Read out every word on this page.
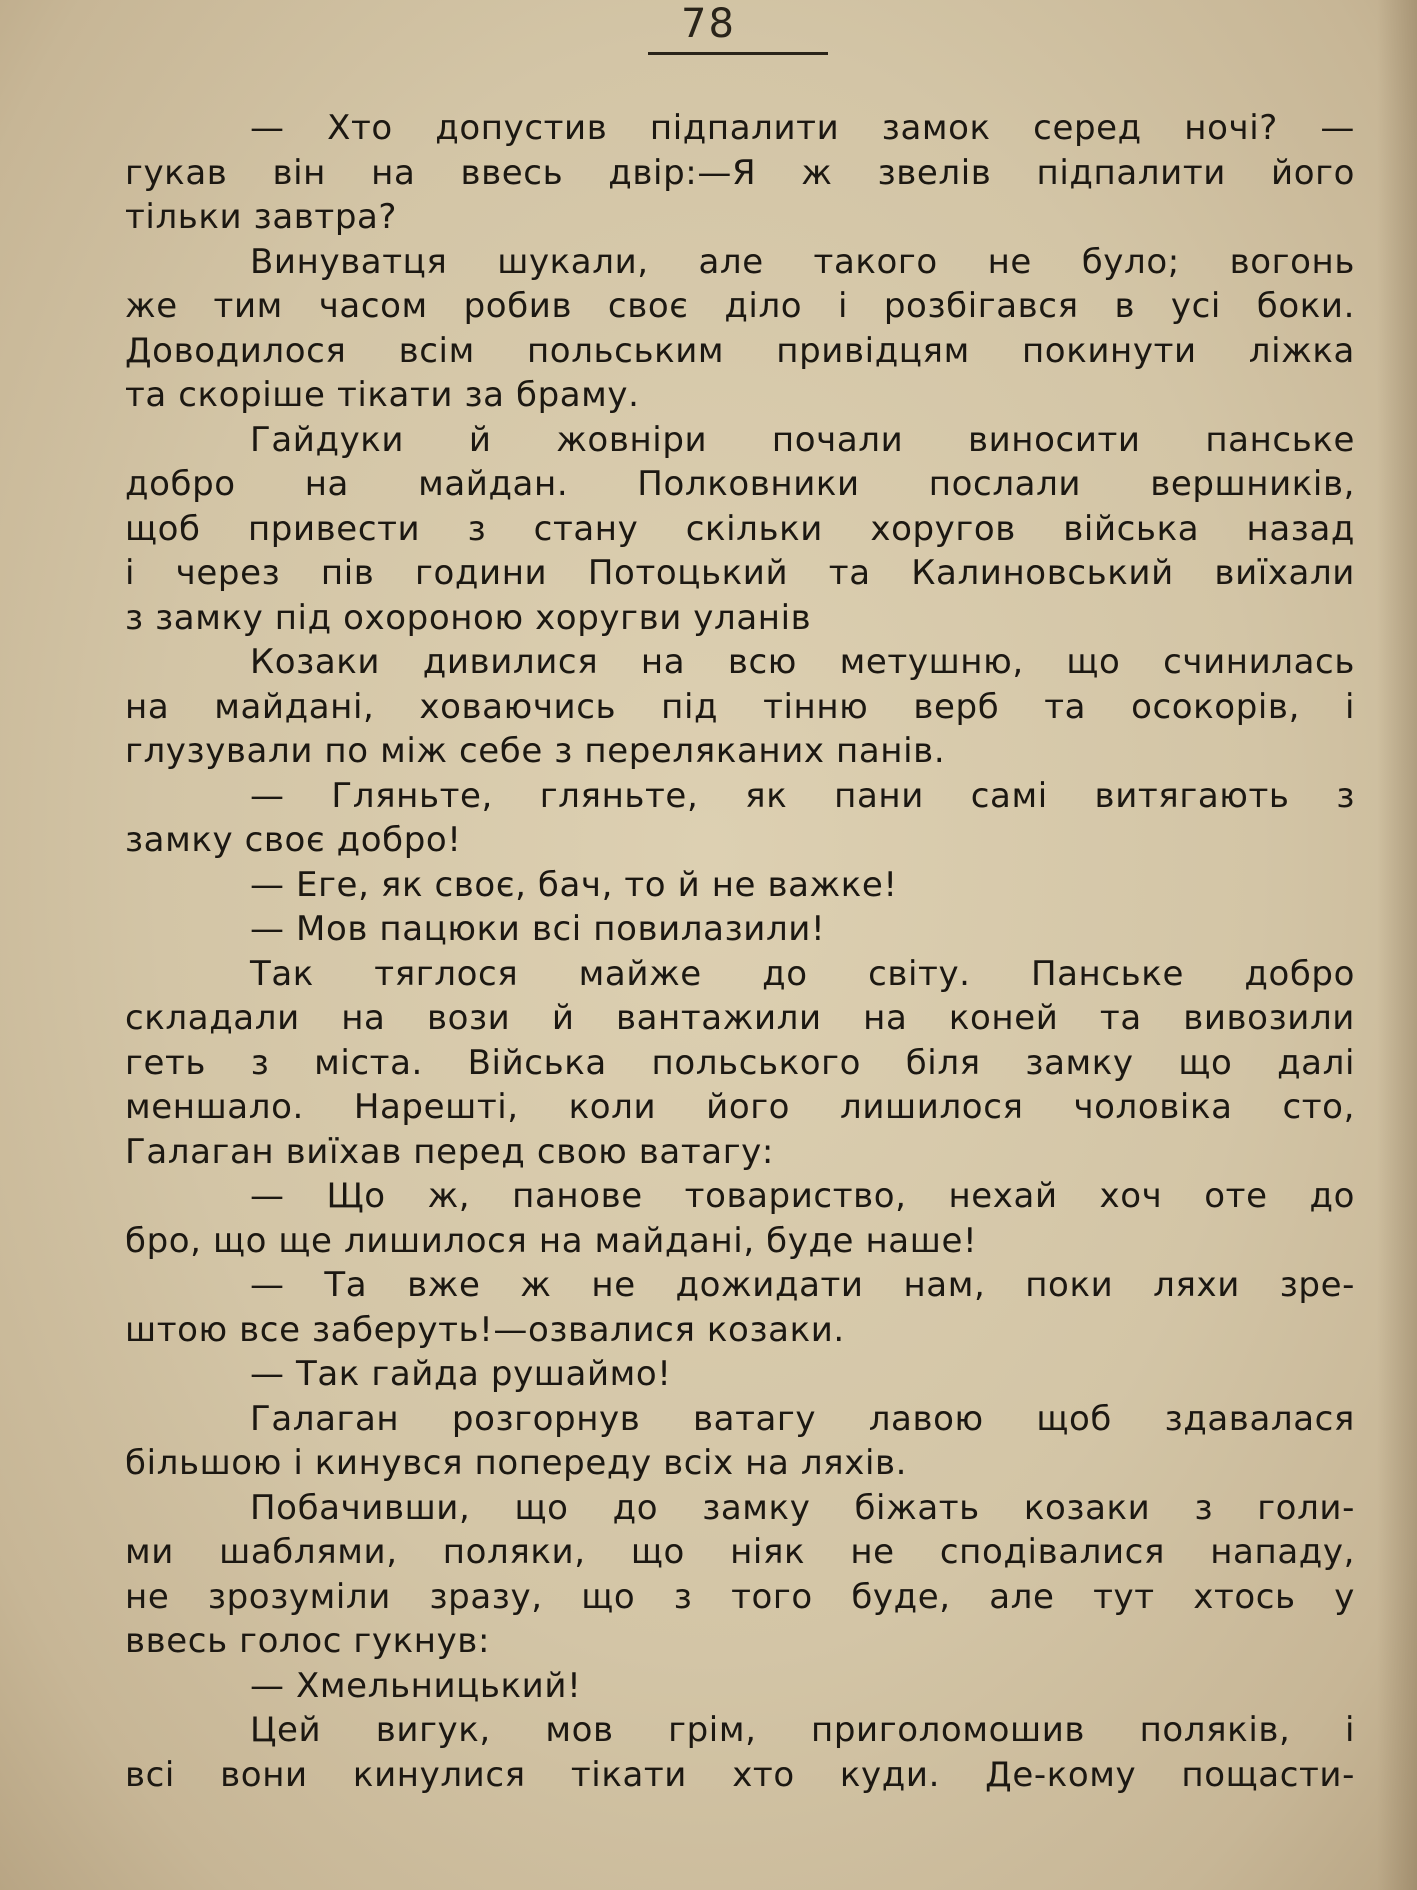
78
— Хто допустив підпалити замок серед ночі? —
гукав він на ввесь двір:—Я ж звелів підпалити його
тільки завтра?
Винуватця шукали, але такого не було; вогонь
же тим часом робив своє діло і розбігався в усі боки.
Доводилося всім польським привідцям покинути ліжка
та скоріше тікати за браму.
Гайдуки й жовніри почали виносити панське
добро на майдан. Полковники послали вершників,
щоб привести з стану скільки хоругов війська назад
і через пів години Потоцький та Калиновський виїхали
з замку під охороною хоругви уланів
Козаки дивилися на всю метушню, що счинилась
на майдані, ховаючись під тінню верб та осокорів, і
глузували по між себе з переляканих панів.
— Гляньте, гляньте, як пани самі витягають з
замку своє добро!
— Еге, як своє, бач, то й не важке!
— Мов пацюки всі повилазили!
Так тяглося майже до світу. Панське добро
складали на вози й вантажили на коней та вивозили
геть з міста. Війська польського біля замку що далі
меншало. Нарешті, коли його лишилося чоловіка сто,
Галаган виїхав перед свою ватагу:
— Що ж, панове товариство, нехай хоч оте до
бро, що ще лишилося на майдані, буде наше!
— Та вже ж не дожидати нам, поки ляхи зре-
штою все заберуть!—озвалися козаки.
— Так гайда рушаймо!
Галаган розгорнув ватагу лавою щоб здавалася
більшою і кинувся попереду всіх на ляхів.
Побачивши, що до замку біжать козаки з голи-
ми шаблями, поляки, що ніяк не сподівалися нападу,
не зрозуміли зразу, що з того буде, але тут хтось у
ввесь голос гукнув:
— Хмельницький!
Цей вигук, мов грім, приголомошив поляків, і
всі вони кинулися тікати хто куди. Де-кому пощасти-
